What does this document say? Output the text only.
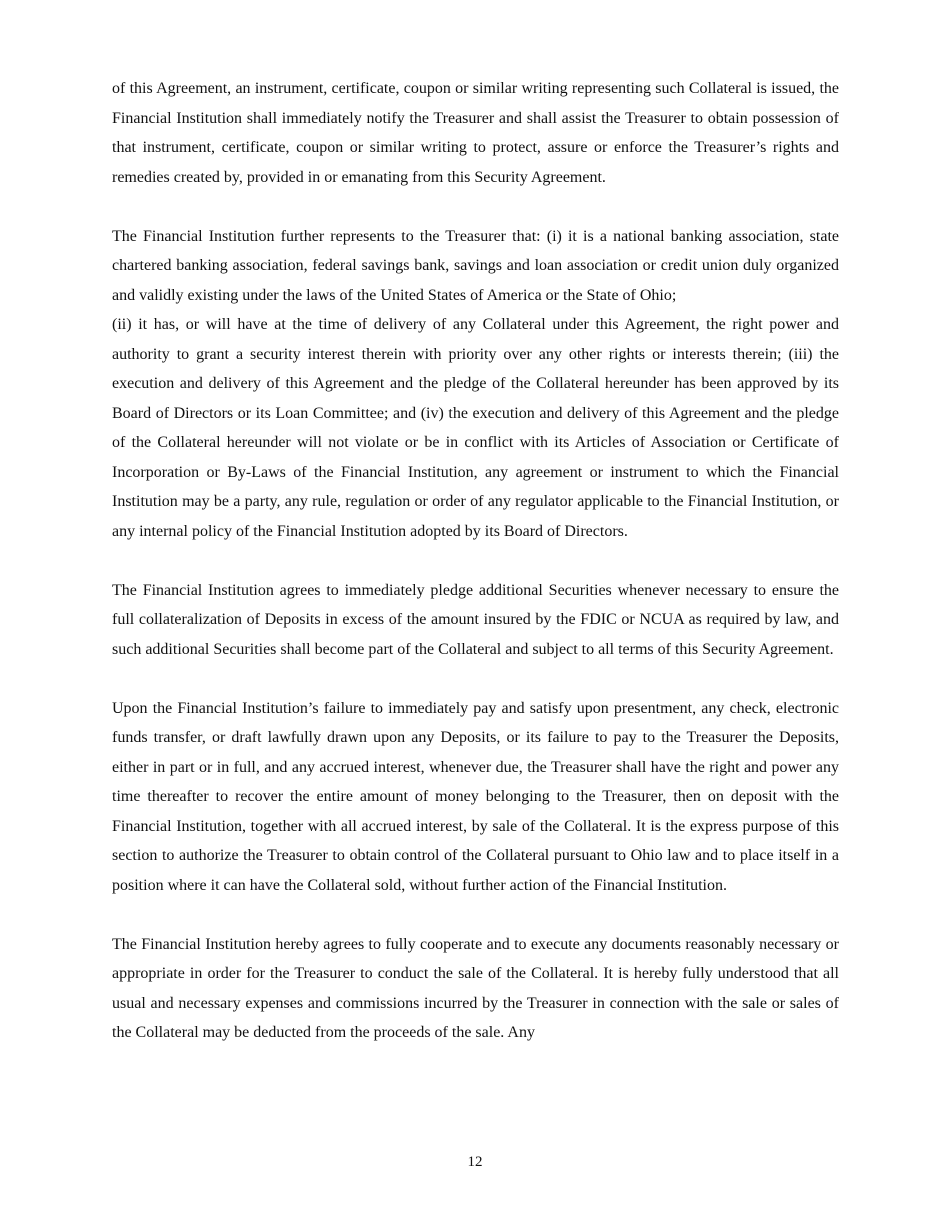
of this Agreement, an instrument, certificate, coupon or similar writing representing such Collateral is issued, the Financial Institution shall immediately notify the Treasurer and shall assist the Treasurer to obtain possession of that instrument, certificate, coupon or similar writing to protect, assure or enforce the Treasurer’s rights and remedies created by, provided in or emanating from this Security Agreement.

The Financial Institution further represents to the Treasurer that: (i) it is a national banking association, state chartered banking association, federal savings bank, savings and loan association or credit union duly organized and validly existing under the laws of the United States of America or the State of Ohio;

(ii) it has, or will have at the time of delivery of any Collateral under this Agreement, the right power and authority to grant a security interest therein with priority over any other rights or interests therein; (iii) the execution and delivery of this Agreement and the pledge of the Collateral hereunder has been approved by its Board of Directors or its Loan Committee; and (iv) the execution and delivery of this Agreement and the pledge of the Collateral hereunder will not violate or be in conflict with its Articles of Association or Certificate of Incorporation or By-Laws of the Financial Institution, any agreement or instrument to which the Financial Institution may be a party, any rule, regulation or order of any regulator applicable to the Financial Institution, or any internal policy of the Financial Institution adopted by its Board of Directors.

The Financial Institution agrees to immediately pledge additional Securities whenever necessary to ensure the full collateralization of Deposits in excess of the amount insured by the FDIC or NCUA as required by law, and such additional Securities shall become part of the Collateral and subject to all terms of this Security Agreement.

Upon the Financial Institution’s failure to immediately pay and satisfy upon presentment, any check, electronic funds transfer, or draft lawfully drawn upon any Deposits, or its failure to pay to the Treasurer the Deposits, either in part or in full, and any accrued interest, whenever due, the Treasurer shall have the right and power any time thereafter to recover the entire amount of money belonging to the Treasurer, then on deposit with the Financial Institution, together with all accrued interest, by sale of the Collateral. It is the express purpose of this section to authorize the Treasurer to obtain control of the Collateral pursuant to Ohio law and to place itself in a position where it can have the Collateral sold, without further action of the Financial Institution.

The Financial Institution hereby agrees to fully cooperate and to execute any documents reasonably necessary or appropriate in order for the Treasurer to conduct the sale of the Collateral. It is hereby fully understood that all usual and necessary expenses and commissions incurred by the Treasurer in connection with the sale or sales of the Collateral may be deducted from the proceeds of the sale. Any

12
